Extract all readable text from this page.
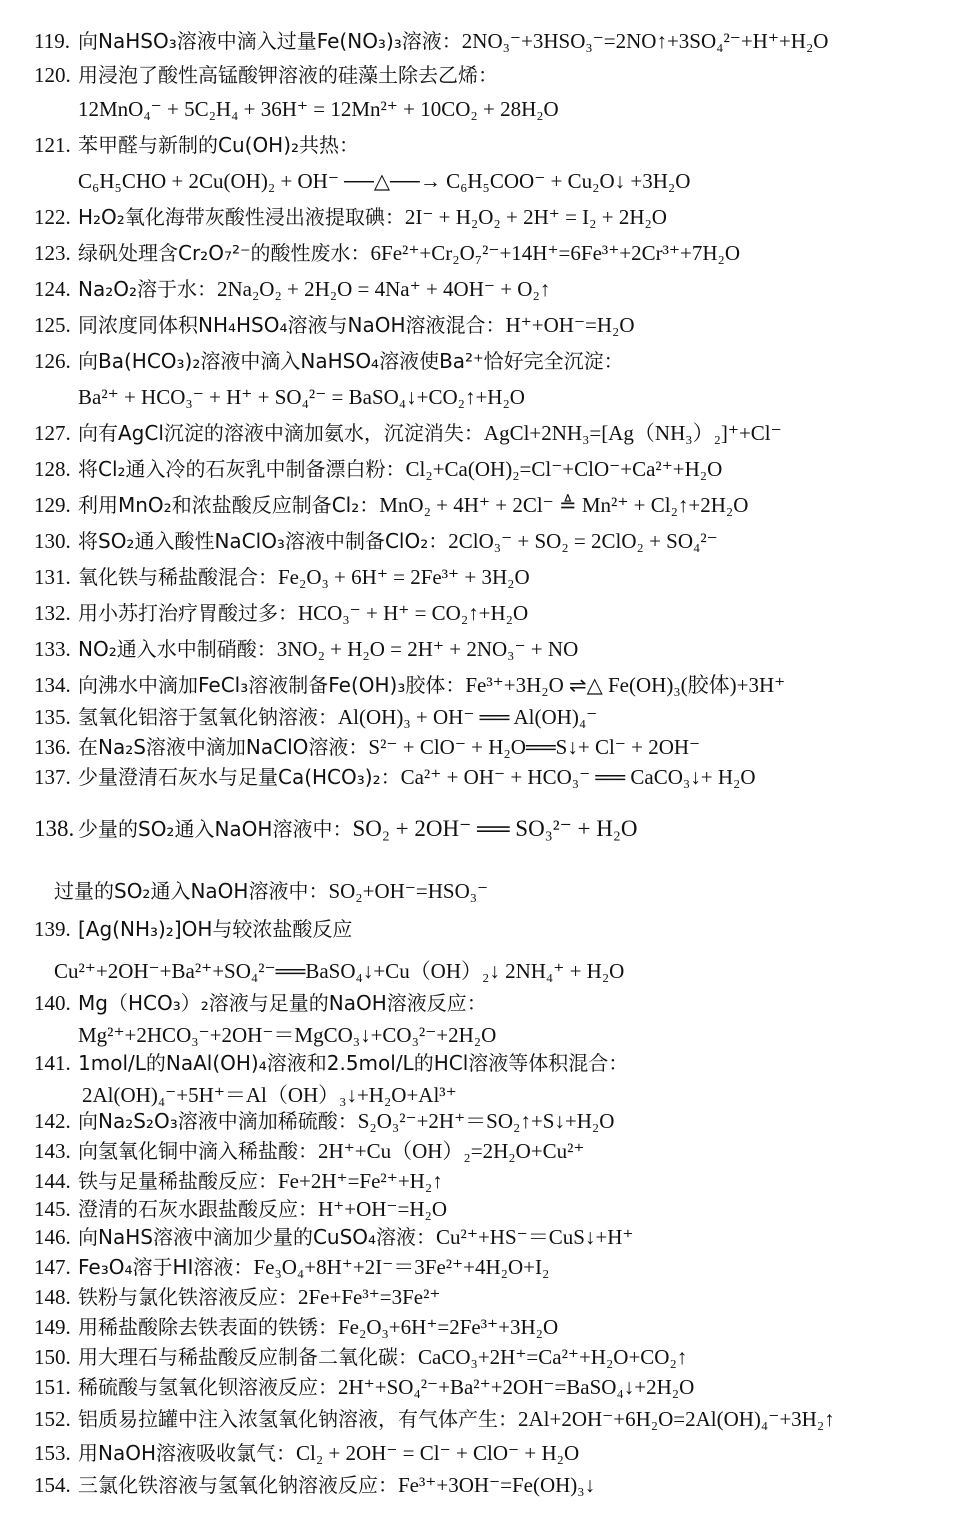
119. 向NaHSO₃溶液中滴入过量Fe(NO₃)₃溶液：2NO₃⁻+3HSO₃⁻=2NO↑+3SO₄²⁻+H⁺+H₂O
120. 用浸泡了酸性高锰酸钾溶液的硅藻土除去乙烯：
12MnO₄⁻ + 5C₂H₄ + 36H⁺ = 12Mn²⁺ + 10CO₂ + 28H₂O
121. 苯甲醛与新制的Cu(OH)₂共热：
C₆H₅CHO + 2Cu(OH)₂ + OH⁻ ──△──→ C₆H₅COO⁻ + Cu₂O↓ +3H₂O
122. H₂O₂氧化海带灰酸性浸出液提取碘：2I⁻ + H₂O₂ + 2H⁺ = I₂ + 2H₂O
123. 绿矾处理含Cr₂O₇²⁻的酸性废水：6Fe²⁺+Cr₂O₇²⁻+14H⁺=6Fe³⁺+2Cr³⁺+7H₂O
124. Na₂O₂溶于水：2Na₂O₂ + 2H₂O = 4Na⁺ + 4OH⁻ + O₂↑
125. 同浓度同体积NH₄HSO₄溶液与NaOH溶液混合：H⁺+OH⁻=H₂O
126. 向Ba(HCO₃)₂溶液中滴入NaHSO₄溶液使Ba²⁺恰好完全沉淀：
Ba²⁺ + HCO₃⁻ + H⁺ + SO₄²⁻ = BaSO₄↓+CO₂↑+H₂O
127. 向有AgCl沉淀的溶液中滴加氨水，沉淀消失：AgCl+2NH₃=[Ag（NH₃）₂]⁺+Cl⁻
128. 将Cl₂通入冷的石灰乳中制备漂白粉：Cl₂+Ca(OH)₂=Cl⁻+ClO⁻+Ca²⁺+H₂O
129. 利用MnO₂和浓盐酸反应制备Cl₂：MnO₂ + 4H⁺ + 2Cl⁻ ≜ Mn²⁺ + Cl₂↑+2H₂O
130. 将SO₂通入酸性NaClO₃溶液中制备ClO₂：2ClO₃⁻ + SO₂ = 2ClO₂ + SO₄²⁻
131. 氧化铁与稀盐酸混合：Fe₂O₃ + 6H⁺ = 2Fe³⁺ + 3H₂O
132. 用小苏打治疗胃酸过多：HCO₃⁻ + H⁺ = CO₂↑+H₂O
133. NO₂通入水中制硝酸：3NO₂ + H₂O = 2H⁺ + 2NO₃⁻ + NO
134. 向沸水中滴加FeCl₃溶液制备Fe(OH)₃胶体：Fe³⁺+3H₂O ⇌△ Fe(OH)₃(胶体)+3H⁺
135. 氢氧化铝溶于氢氧化钠溶液：Al(OH)₃ + OH⁻ ══ Al(OH)₄⁻
136. 在Na₂S溶液中滴加NaClO溶液：S²⁻ + ClO⁻ + H₂O══S↓+ Cl⁻ + 2OH⁻
137. 少量澄清石灰水与足量Ca(HCO₃)₂：Ca²⁺ + OH⁻ + HCO₃⁻ ══ CaCO₃↓+ H₂O
138. 少量的SO₂通入NaOH溶液中：SO₂ + 2OH⁻ ══ SO₃²⁻ + H₂O
过量的SO₂通入NaOH溶液中：SO₂+OH⁻=HSO₃⁻
139. [Ag(NH₃)₂]OH与较浓盐酸反应
Cu²⁺+2OH⁻+Ba²⁺+SO₄²⁻══BaSO₄↓+Cu（OH）₂↓ 2NH₄⁺ + H₂O
140. Mg（HCO₃）₂溶液与足量的NaOH溶液反应：
Mg²⁺+2HCO₃⁻+2OH⁻＝MgCO₃↓+CO₃²⁻+2H₂O
141. 1mol/L的NaAl(OH)₄溶液和2.5mol/L的HCl溶液等体积混合：
2Al(OH)₄⁻+5H⁺＝Al（OH）₃↓+H₂O+Al³⁺
142. 向Na₂S₂O₃溶液中滴加稀硫酸：S₂O₃²⁻+2H⁺＝SO₂↑+S↓+H₂O
143. 向氢氧化铜中滴入稀盐酸：2H⁺+Cu（OH）₂=2H₂O+Cu²⁺
144. 铁与足量稀盐酸反应：Fe+2H⁺=Fe²⁺+H₂↑
145. 澄清的石灰水跟盐酸反应：H⁺+OH⁻=H₂O
146. 向NaHS溶液中滴加少量的CuSO₄溶液：Cu²⁺+HS⁻＝CuS↓+H⁺
147. Fe₃O₄溶于HI溶液：Fe₃O₄+8H⁺+2I⁻＝3Fe²⁺+4H₂O+I₂
148. 铁粉与氯化铁溶液反应：2Fe+Fe³⁺=3Fe²⁺
149. 用稀盐酸除去铁表面的铁锈：Fe₂O₃+6H⁺=2Fe³⁺+3H₂O
150. 用大理石与稀盐酸反应制备二氧化碳：CaCO₃+2H⁺=Ca²⁺+H₂O+CO₂↑
151. 稀硫酸与氢氧化钡溶液反应：2H⁺+SO₄²⁻+Ba²⁺+2OH⁻=BaSO₄↓+2H₂O
152. 铝质易拉罐中注入浓氢氧化钠溶液，有气体产生：2Al+2OH⁻+6H₂O=2Al(OH)₄⁻+3H₂↑
153. 用NaOH溶液吸收氯气：Cl₂ + 2OH⁻ = Cl⁻ + ClO⁻ + H₂O
154. 三氯化铁溶液与氢氧化钠溶液反应：Fe³⁺+3OH⁻=Fe(OH)₃↓
